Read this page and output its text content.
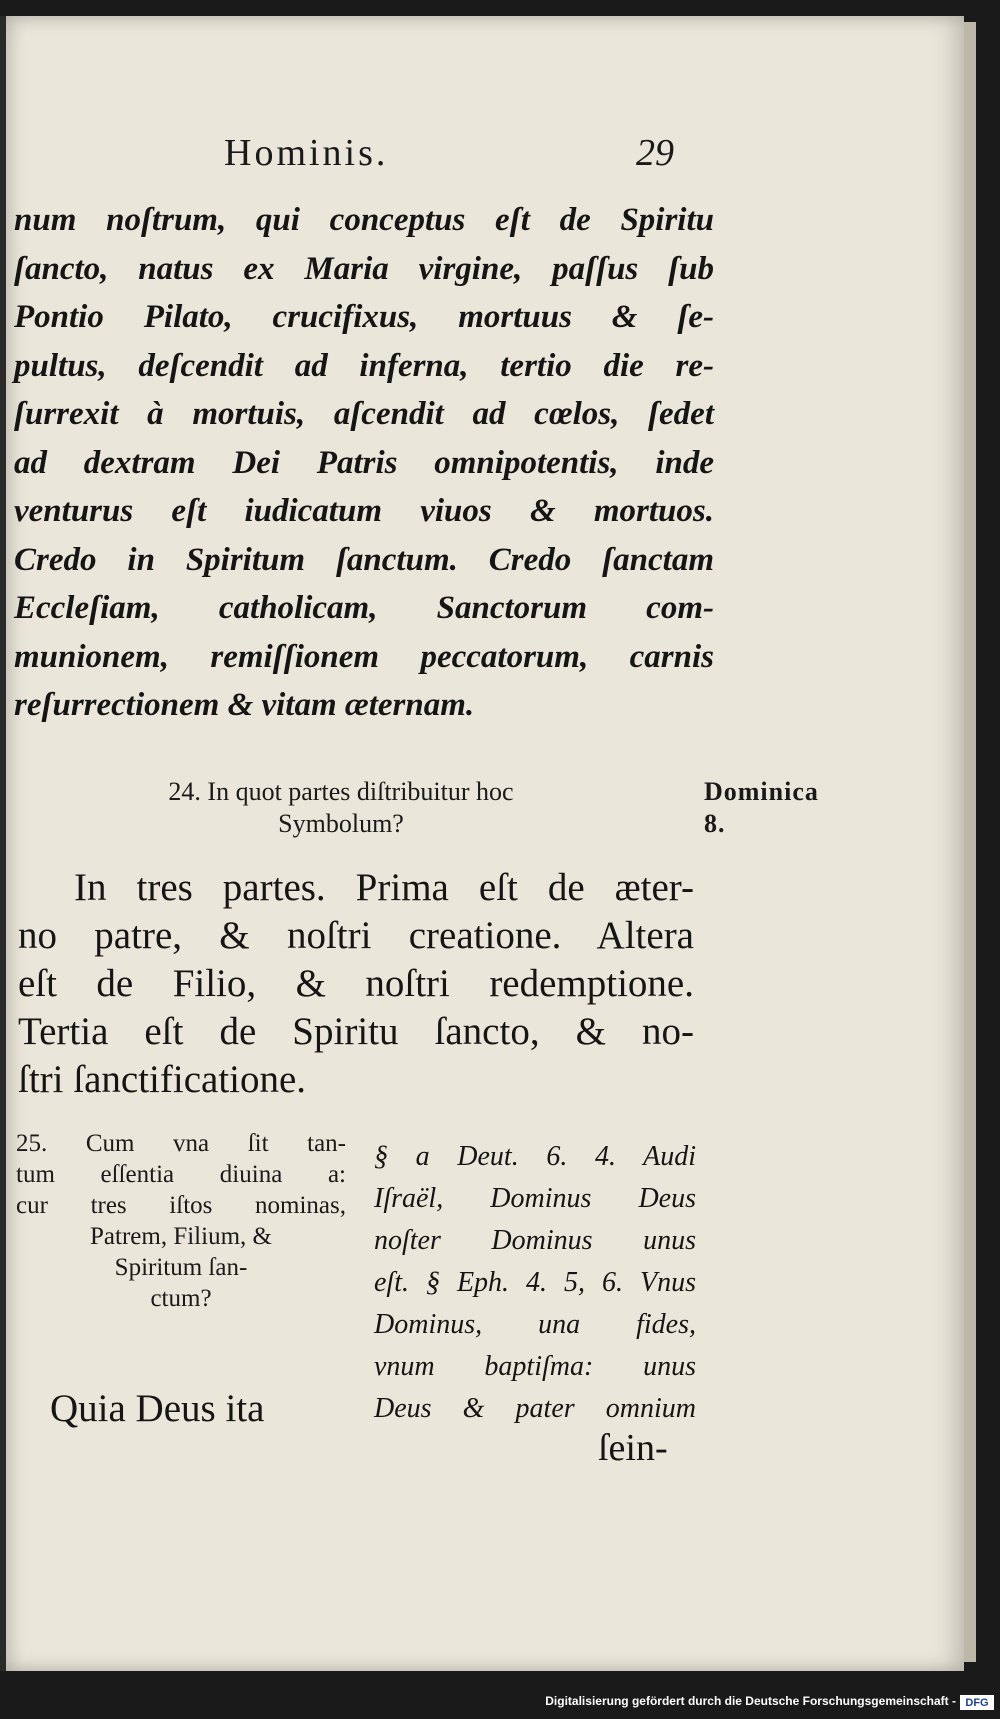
Hominis.	29
num noſtrum, qui conceptus eſt de Spiritu
ſancto, natus ex Maria virgine, paſſus ſub
Pontio Pilato, crucifixus, mortuus & ſe-
pultus, deſcendit ad inferna, tertio die re-
ſurrexit à mortuis, aſcendit ad cœlos, ſedet
ad dextram Dei Patris omnipotentis, inde
venturus eſt iudicatum viuos & mortuos.
Credo in Spiritum ſanctum. Credo ſanctam
Eccleſiam, catholicam, Sanctorum com-
munionem, remiſſionem peccatorum, carnis
reſurrectionem & vitam æternam.
24. In quot partes diſtribuitur hoc
Symbolum?
Dominica
8.
In tres partes. Prima eſt de æter-
no patre, & noſtri creatione. Altera
eſt de Filio, & noſtri redemptione.
Tertia eſt de Spiritu ſancto, & no-
ſtri ſanctificatione.
25. Cum vna ſit tan-
tum eſſentia diuina a:
cur tres iſtos nominas,
Patrem, Filium, &
Spiritum ſan-
ctum?
Quia Deus ita
§ a Deut. 6. 4. Audi
Iſraël, Dominus Deus
noſter Dominus unus
eſt. § Eph. 4. 5, 6. Vnus
Dominus, una fides,
vnum baptiſma: unus
Deus & pater omnium
ſein-
Digitalisierung gefördert durch die Deutsche Forschungsgemeinschaft - DFG
